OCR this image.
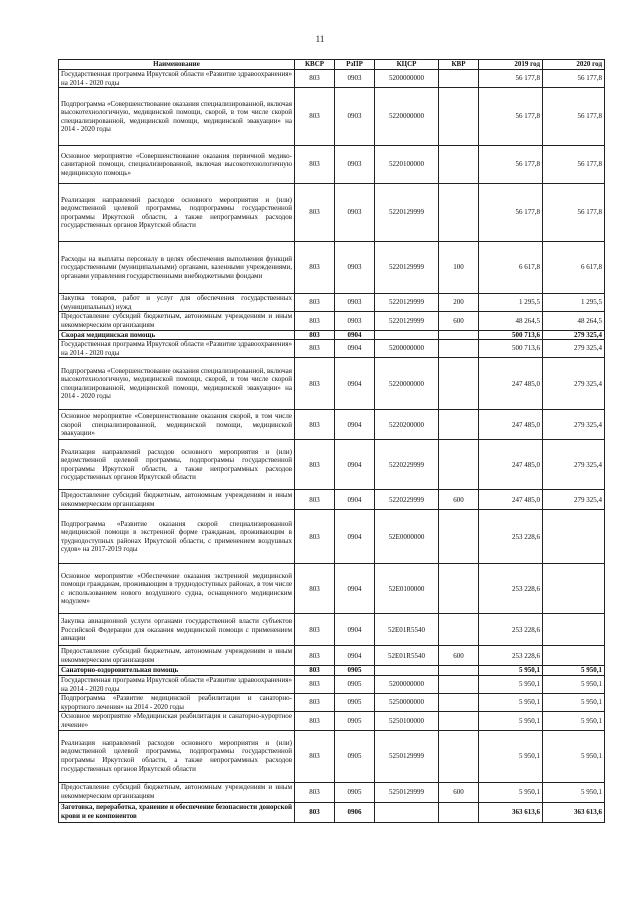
11
Наименование	КВСР	РзПР	КЦСР	КВР	2019 год	2020 год
Государственная программа Иркутской области «Развитие здравоохранения» на 2014 - 2020 годы	803	0903	5200000000		56 177,8	56 177,8
Подпрограмма «Совершенствование оказания специализированной, включая высокотехнологичную, медицинской помощи, скорой, в том числе скорой специализированной, медицинской помощи, медицинской эвакуации» на 2014 - 2020 годы	803	0903	5220000000		56 177,8	56 177,8
Основное мероприятие «Совершенствование оказания первичной медико-санитарной помощи, специализированной, включая высокотехнологичную медицинскую помощь»	803	0903	5220100000		56 177,8	56 177,8
Реализация направлений расходов основного мероприятия и (или) ведомственной целевой программы, подпрограммы государственной программы Иркутской области, а также непрограммных расходов государственных органов Иркутской области	803	0903	5220129999		56 177,8	56 177,8
Расходы на выплаты персоналу в целях обеспечения выполнения функций государственными (муниципальными) органами, казенными учреждениями, органами управления государственными внебюджетными фондами	803	0903	5220129999	100	6 617,8	6 617,8
Закупка товаров, работ и услуг для обеспечения государственных (муниципальных) нужд	803	0903	5220129999	200	1 295,5	1 295,5
Предоставление субсидий бюджетным, автономным учреждениям и иным некоммерческим организациям	803	0903	5220129999	600	48 264,5	48 264,5
Скорая медицинская помощь	803	0904			500 713,6	279 325,4
Государственная программа Иркутской области «Развитие здравоохранения» на 2014 - 2020 годы	803	0904	5200000000		500 713,6	279 325,4
Подпрограмма «Совершенствование оказания специализированной, включая высокотехнологичную, медицинской помощи, скорой, в том числе скорой специализированной, медицинской помощи, медицинской эвакуации» на 2014 - 2020 годы	803	0904	5220000000		247 485,0	279 325,4
Основное мероприятие «Совершенствование оказания скорой, в том числе скорой специализированной, медицинской помощи, медицинской эвакуации»	803	0904	5220200000		247 485,0	279 325,4
Реализация направлений расходов основного мероприятия и (или) ведомственной целевой программы, подпрограммы государственной программы Иркутской области, а также непрограммных расходов государственных органов Иркутской области	803	0904	5220229999		247 485,0	279 325,4
Предоставление субсидий бюджетным, автономным учреждениям и иным некоммерческим организациям	803	0904	5220229999	600	247 485,0	279 325,4
Подпрограмма «Развитие оказания скорой специализированной медицинской помощи в экстренной форме гражданам, проживающим в труднодоступных районах Иркутской области, с применением воздушных судов» на 2017-2019 годы	803	0904	52Е0000000		253 228,6	
Основное мероприятие «Обеспечение оказания экстренной медицинской помощи гражданам, проживающим в труднодоступных районах, в том числе с использованием нового воздушного судна, оснащенного медицинским модулем»	803	0904	52Е0100000		253 228,6	
Закупка авиационной услуги органами государственной власти субъектов Российской Федерации для оказания медицинской помощи с применением авиации	803	0904	52Е01R5540		253 228,6	
Предоставление субсидий бюджетным, автономным учреждениям и иным некоммерческим организациям	803	0904	52Е01R5540	600	253 228,6	
Санаторно-оздоровительная помощь	803	0905			5 950,1	5 950,1
Государственная программа Иркутской области «Развитие здравоохранения» на 2014 - 2020 годы	803	0905	5200000000		5 950,1	5 950,1
Подпрограмма «Развитие медицинской реабилитации и санаторно-курортного лечения» на 2014 - 2020 годы	803	0905	5250000000		5 950,1	5 950,1
Основное мероприятие «Медицинская реабилитация и санаторно-курортное лечение»	803	0905	5250100000		5 950,1	5 950,1
Реализация направлений расходов основного мероприятия и (или) ведомственной целевой программы, подпрограммы государственной программы Иркутской области, а также непрограммных расходов государственных органов Иркутской области	803	0905	5250129999		5 950,1	5 950,1
Предоставление субсидий бюджетным, автономным учреждениям и иным некоммерческим организациям	803	0905	5250129999	600	5 950,1	5 950,1
Заготовка, переработка, хранение и обеспечение безопасности донорской крови и ее компонентов	803	0906			363 613,6	363 613,6
